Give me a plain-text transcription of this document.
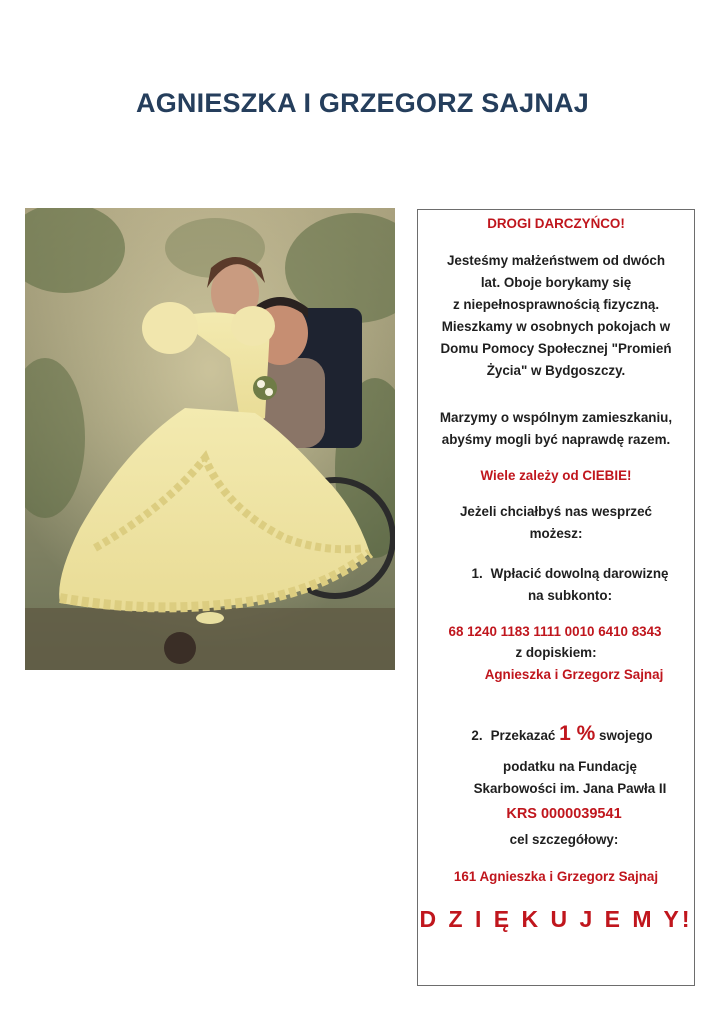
AGNIESZKA I GRZEGORZ SAJNAJ
DROGI DARCZYŃCO!
Jesteśmy małżeństwem od dwóch
lat. Oboje borykamy się
z niepełnosprawnością fizyczną.
Mieszkamy w osobnych pokojach w
Domu Pomocy Społecznej "Promień
Życia" w Bydgoszczy.
Marzymy o wspólnym zamieszkaniu,
abyśmy mogli być naprawdę razem.
Wiele zależy od CIEBIE!
Jeżeli chciałbyś nas wesprzeć
możesz:
1. Wpłacić dowolną darowiznę
na subkonto:
68 1240 1183 1111 0010 6410 8343
z dopiskiem:
Agnieszka i Grzegorz Sajnaj
2. Przekazać 1 % swojego
podatku na Fundację
Skarbowości im. Jana Pawła II
KRS 0000039541
cel szczegółowy:
161 Agnieszka i Grzegorz Sajnaj
D Z I Ę K U J E M Y!
